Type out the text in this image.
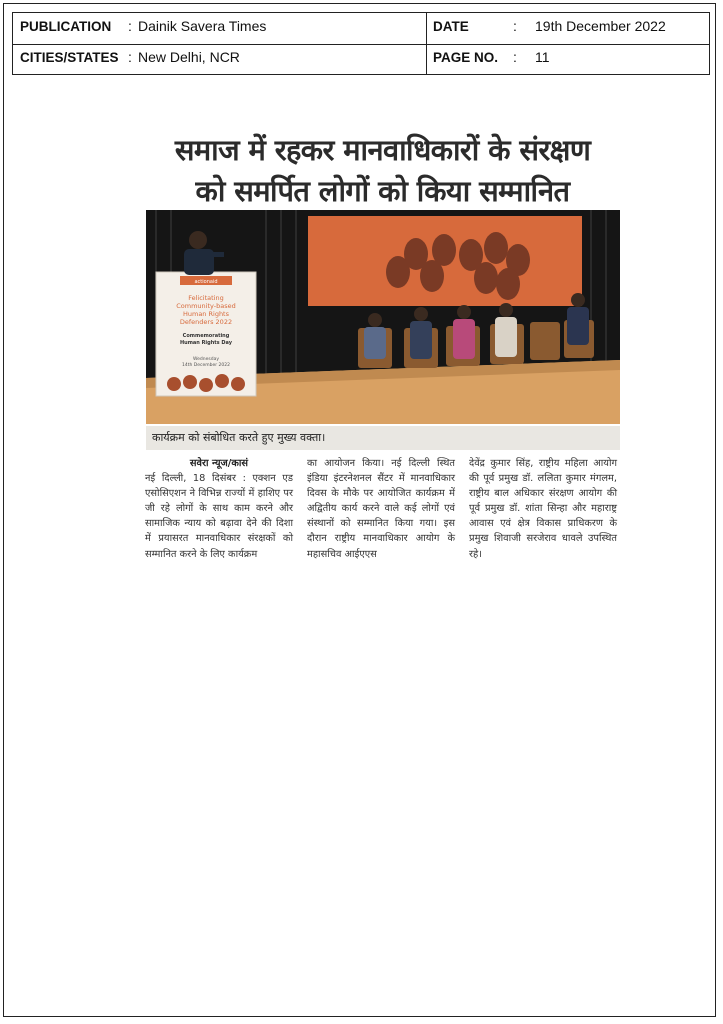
PUBLICATION : Dainik Savera Times	DATE	: 19th December 2022
CITIES/STATES : New Delhi, NCR	PAGE NO. : 11
समाज में रहकर मानवाधिकारों के संरक्षण
को समर्पित लोगों को किया सम्मानित
actionaid
Felicitating
Community-based
Human Rights
Defenders 2022
Commemorating
Human Rights Day
Wednesday
14th December 2022
कार्यक्रम को संबोधित करते हुए मुख्य वक्ता।
सवेरा न्यूज/कासं
नई दिल्ली, 18 दिसंबर : एक्शन एड एसोसिएशन ने विभिन्न राज्यों में हाशिए पर जी रहे लोगों के साथ काम करने और सामाजिक न्याय को बढ़ावा देने की दिशा में प्रयासरत मानवाधिकार संरक्षकों को सम्मानित करने के लिए कार्यक्रम
का आयोजन किया। नई दिल्ली स्थित इंडिया इंटरनेशनल सैंटर में मानवाधिकार दिवस के मौके पर आयोजित कार्यक्रम में अद्वितीय कार्य करने वाले कई लोगों एवं संस्थानों को सम्मानित किया गया। इस दौरान राष्ट्रीय मानवाधिकार आयोग के महासचिव आईएएस
देवेंद्र कुमार सिंह, राष्ट्रीय महिला आयोग की पूर्व प्रमुख डॉ. ललिता कुमार मंगलम, राष्ट्रीय बाल अधिकार संरक्षण आयोग की पूर्व प्रमुख डॉ. शांता सिन्हा और महाराष्ट्र आवास एवं क्षेत्र विकास प्राधिकरण के प्रमुख शिवाजी सरजेराव धावले उपस्थित रहे।
